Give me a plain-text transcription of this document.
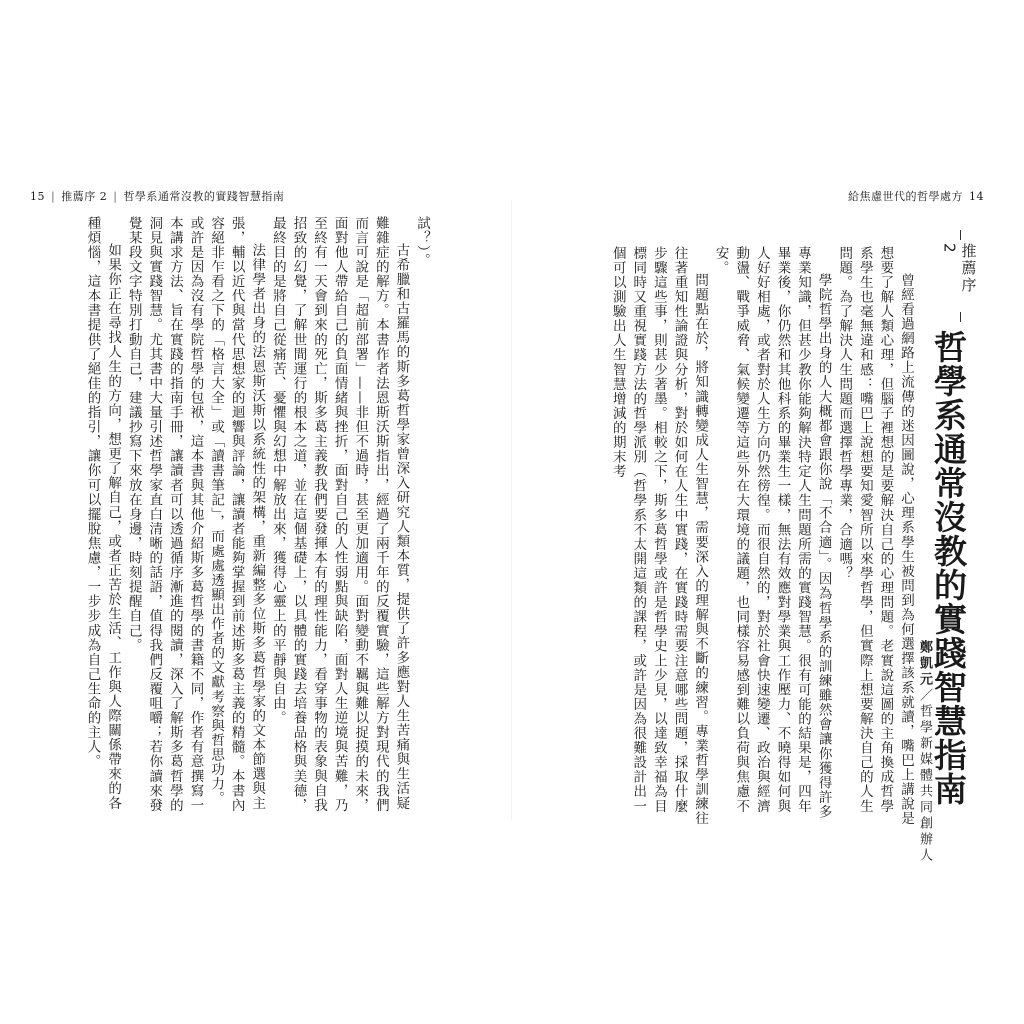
15 | 推薦序 2 | 哲學系通常沒教的實踐智慧指南	給焦慮世代的哲學處方 14
推薦序 2
哲學系通常沒教的實踐智慧指南
鄭凱元／哲學新媒體共同創辦人

曾經看過網路上流傳的迷因圖說，心理系學生被問到為何選擇該系就讀，嘴巴上講說是想要了解人類心理，但腦子裡想的是要解決自己的心理問題。老實說這圖的主角換成哲學系學生也毫無違和感：嘴巴上說想要知愛智所以來學哲學，但實際上想要解決自己的人生問題。為了解決人生問題而選擇哲學專業，合適嗎？

學院哲學出身的人大概都會跟你說「不合適」。因為哲學系的訓練雖然會讓你獲得許多專業知識，但甚少教你能夠解決特定人生問題所需的實踐智慧。很有可能的結果是，四年畢業後，你仍然和其他科系的畢業生一樣，無法有效應對學業與工作壓力、不曉得如何與人好好相處，或者對於人生方向仍然徬徨。而很自然的，對於社會快速變遷、政治與經濟動盪、戰爭威脅、氣候變遷等這些外在大環境的議題，也同樣容易感到難以負荷與焦慮不安。

問題點在於，將知識轉變成人生智慧，需要深入的理解與不斷的練習。專業哲學訓練往往著重知性論證與分析，對於如何在人生中實踐，在實踐時需要注意哪些問題，採取什麼步驟這些事，則甚少著墨。相較之下，斯多葛哲學或許是哲學史上少見，以達致幸福為目標同時又重視實踐方法的哲學派別（哲學系不太開這類的課程，或許是因為很難設計出一個可以測驗出人生智慧增減的期末考

試？）。

古希臘和古羅馬的斯多葛哲學家曾深入研究人類本質，提供了許多應對人生苦痛與生活疑難雜症的解方。本書作者法恩斯沃斯指出，經過了兩千年的反覆實驗，這些解方對現代的我們而言可說是「超前部署」——非但不過時，甚至更加適用。面對變動不羈與難以捉摸的未來，面對他人帶給自己的負面情緒與挫折，面對自己的人性弱點與缺陷，面對人生逆境與苦難，乃至終有一天會到來的死亡，斯多葛主義教我們要發揮本有的理性能力，看穿事物的表象與自我招致的幻覺，了解世間運行的根本之道，並在這個基礎上，以具體的實踐去培養品格與美德，最終目的是將自己從痛苦、憂懼與幻想中解放出來，獲得心靈上的平靜與自由。

法律學者出身的法恩斯沃斯以系統性的架構，重新編整多位斯多葛哲學家的文本節選與主張，輔以近代與當代思想家的迴響與評論，讓讀者能夠掌握到前述斯多葛主義的精髓。本書內容絕非乍看之下的「格言大全」或「讀書筆記」，而處處透顯出作者的文獻考察與哲思功力。或許是因為沒有學院哲學的包袱，這本書與其他介紹斯多葛哲學的書籍不同，作者有意撰寫一本講求方法、旨在實踐的指南手冊，讓讀者可以透過循序漸進的閱讀，深入了解斯多葛哲學的洞見與實踐智慧。尤其書中大量引述哲學家直白清晰的話語，值得我們反覆咀嚼；若你讀來發覺某段文字特別打動自己，建議抄寫下來放在身邊，時刻提醒自己。

如果你正在尋找人生的方向，想更了解自己，或者正苦於生活、工作與人際關係帶來的各種煩惱，這本書提供了絕佳的指引，讓你可以擺脫焦慮，一步步成為自己生命的主人。
